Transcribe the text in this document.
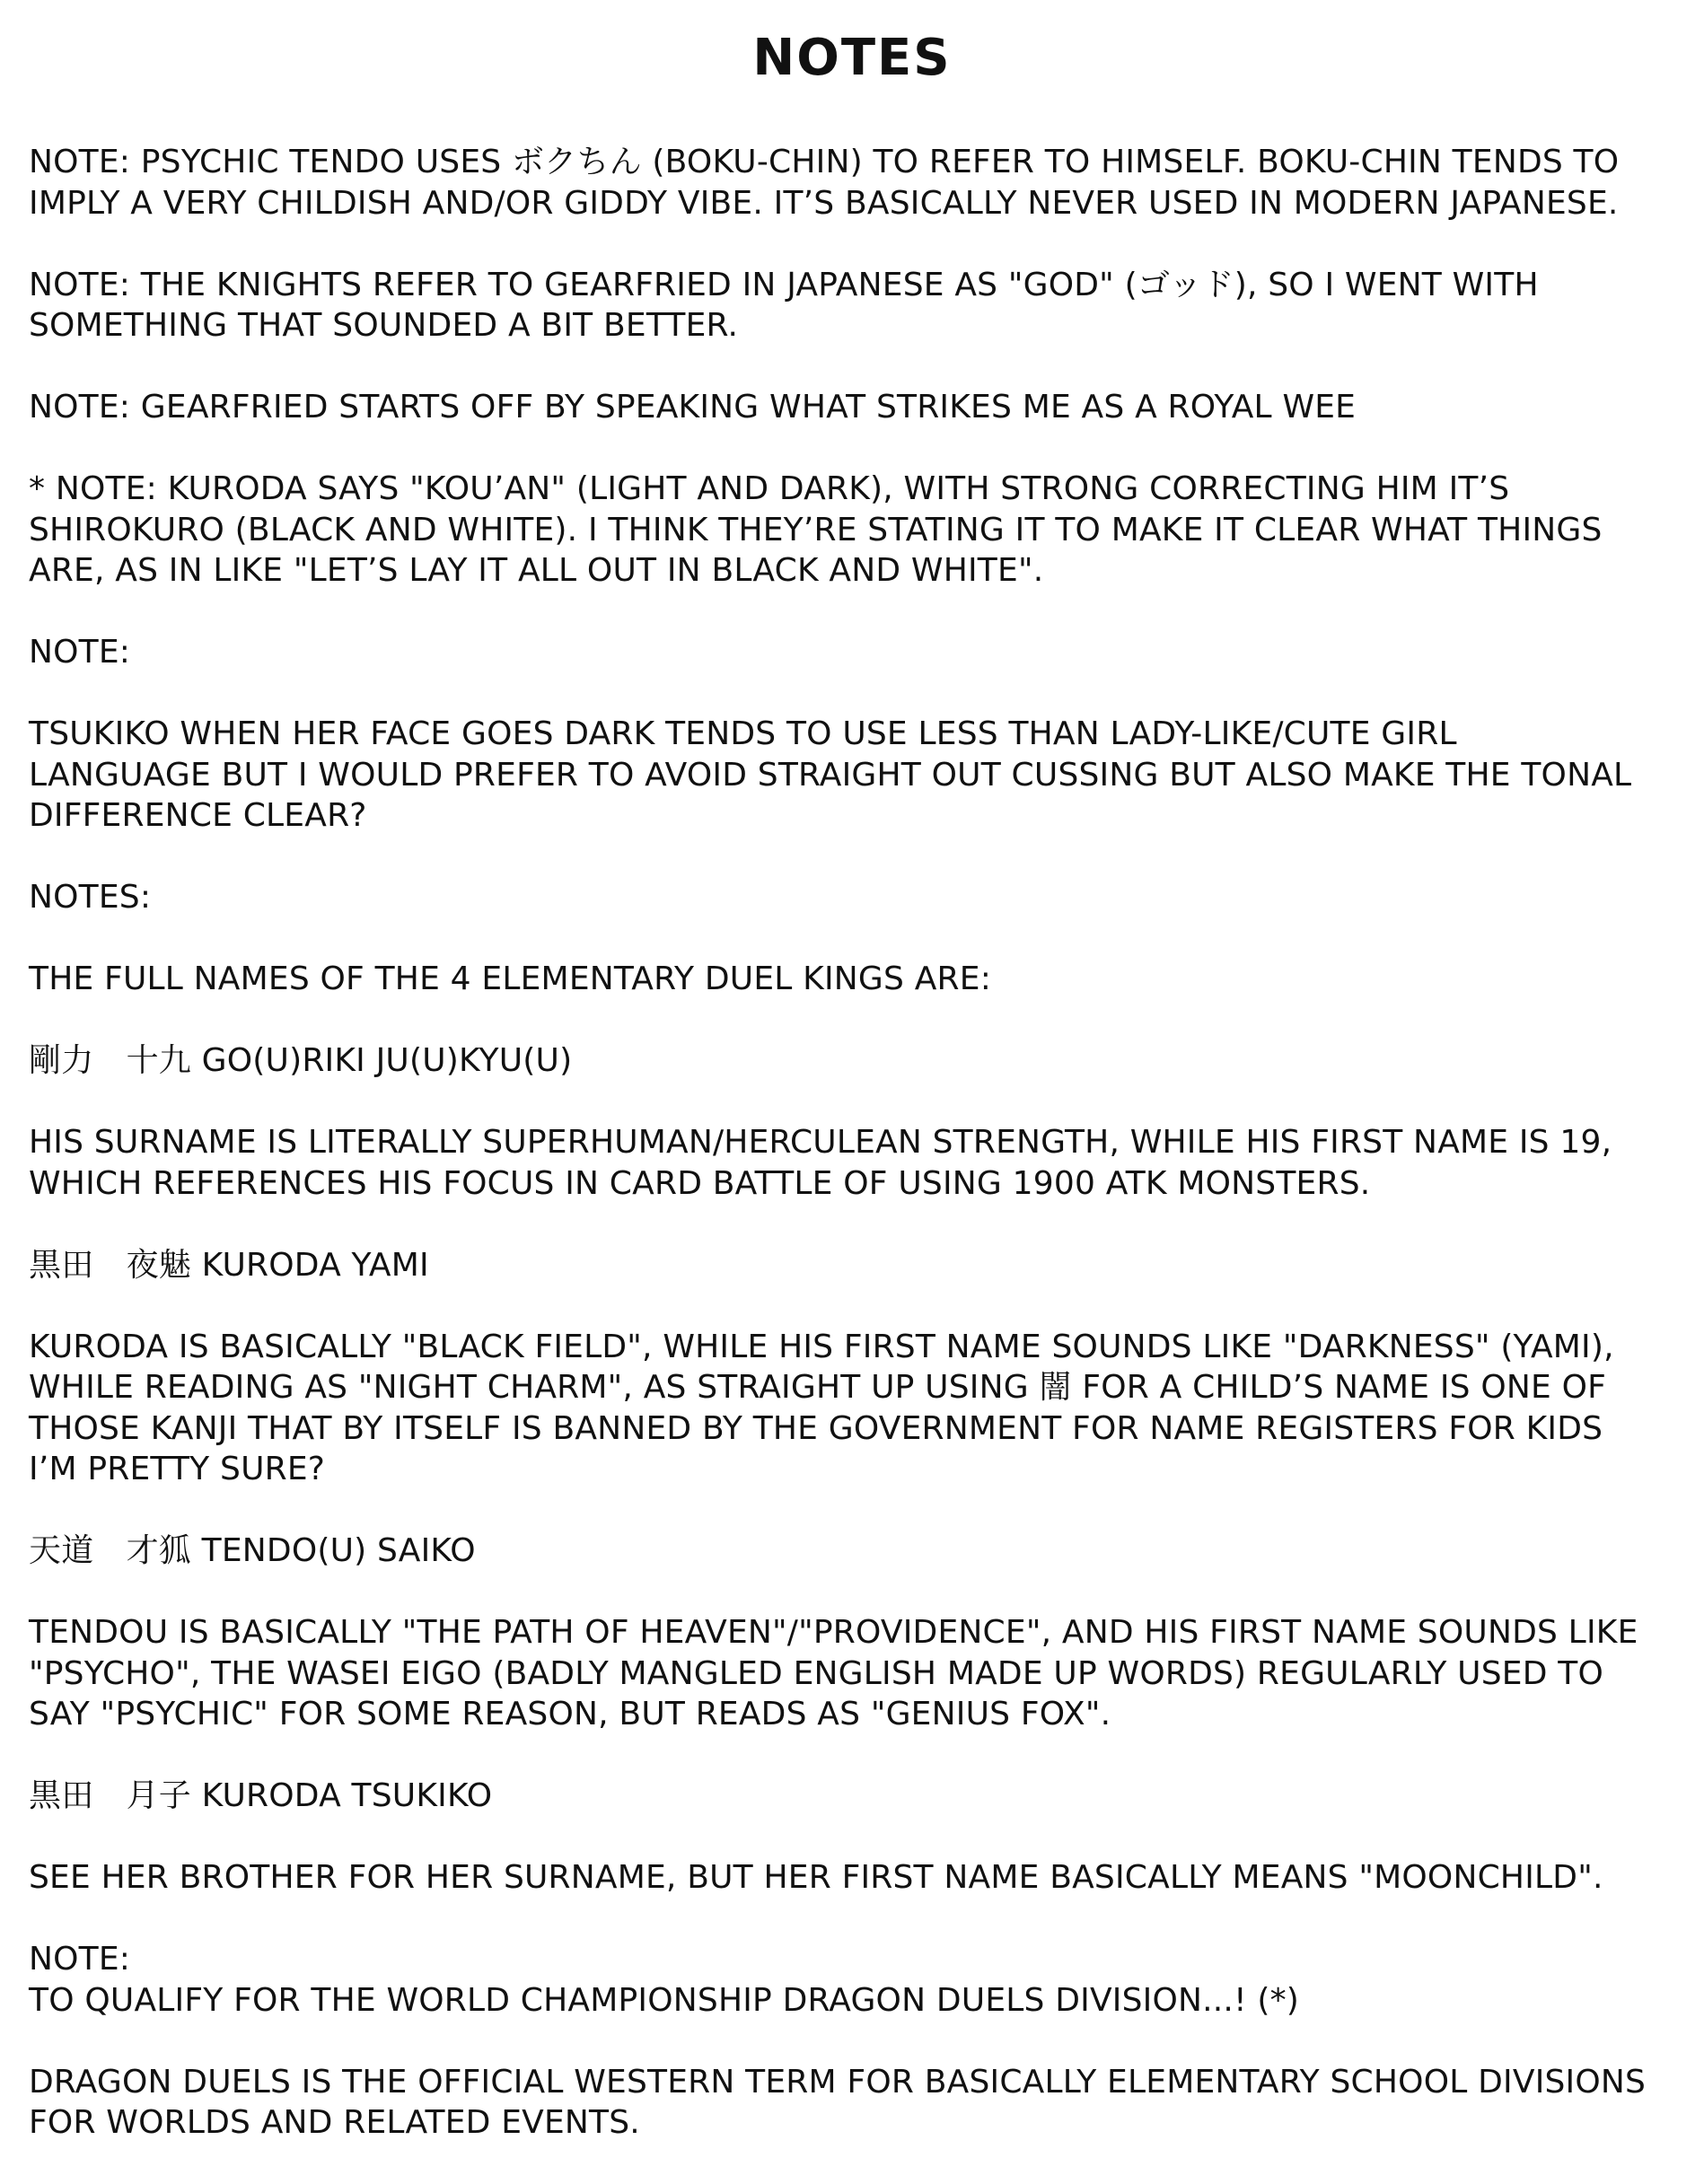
NOTES

NOTE: PSYCHIC TENDO USES ボクちん (BOKU-CHIN) TO REFER TO HIMSELF. BOKU-CHIN TENDS TO
IMPLY A VERY CHILDISH AND/OR GIDDY VIBE. IT’S BASICALLY NEVER USED IN MODERN JAPANESE.

NOTE: THE KNIGHTS REFER TO GEARFRIED IN JAPANESE AS "GOD" (ゴッド), SO I WENT WITH
SOMETHING THAT SOUNDED A BIT BETTER.

NOTE: GEARFRIED STARTS OFF BY SPEAKING WHAT STRIKES ME AS A ROYAL WEE

* NOTE: KURODA SAYS "KOU’AN" (LIGHT AND DARK), WITH STRONG CORRECTING HIM IT’S
SHIROKURO (BLACK AND WHITE). I THINK THEY’RE STATING IT TO MAKE IT CLEAR WHAT THINGS
ARE, AS IN LIKE "LET’S LAY IT ALL OUT IN BLACK AND WHITE".

NOTE:

TSUKIKO WHEN HER FACE GOES DARK TENDS TO USE LESS THAN LADY-LIKE/CUTE GIRL
LANGUAGE BUT I WOULD PREFER TO AVOID STRAIGHT OUT CUSSING BUT ALSO MAKE THE TONAL
DIFFERENCE CLEAR?

NOTES:

THE FULL NAMES OF THE 4 ELEMENTARY DUEL KINGS ARE:

剛力　十九 GO(U)RIKI JU(U)KYU(U)

HIS SURNAME IS LITERALLY SUPERHUMAN/HERCULEAN STRENGTH, WHILE HIS FIRST NAME IS 19,
WHICH REFERENCES HIS FOCUS IN CARD BATTLE OF USING 1900 ATK MONSTERS.

黒田　夜魅 KURODA YAMI

KURODA IS BASICALLY "BLACK FIELD", WHILE HIS FIRST NAME SOUNDS LIKE "DARKNESS" (YAMI),
WHILE READING AS "NIGHT CHARM", AS STRAIGHT UP USING 闇 FOR A CHILD’S NAME IS ONE OF
THOSE KANJI THAT BY ITSELF IS BANNED BY THE GOVERNMENT FOR NAME REGISTERS FOR KIDS
I’M PRETTY SURE?

天道　才狐 TENDO(U) SAIKO

TENDOU IS BASICALLY "THE PATH OF HEAVEN"/"PROVIDENCE", AND HIS FIRST NAME SOUNDS LIKE
"PSYCHO", THE WASEI EIGO (BADLY MANGLED ENGLISH MADE UP WORDS) REGULARLY USED TO
SAY "PSYCHIC" FOR SOME REASON, BUT READS AS "GENIUS FOX".

黒田　月子 KURODA TSUKIKO

SEE HER BROTHER FOR HER SURNAME, BUT HER FIRST NAME BASICALLY MEANS "MOONCHILD".

NOTE:

TO QUALIFY FOR THE WORLD CHAMPIONSHIP DRAGON DUELS DIVISION...! (*)

DRAGON DUELS IS THE OFFICIAL WESTERN TERM FOR BASICALLY ELEMENTARY SCHOOL DIVISIONS
FOR WORLDS AND RELATED EVENTS.
